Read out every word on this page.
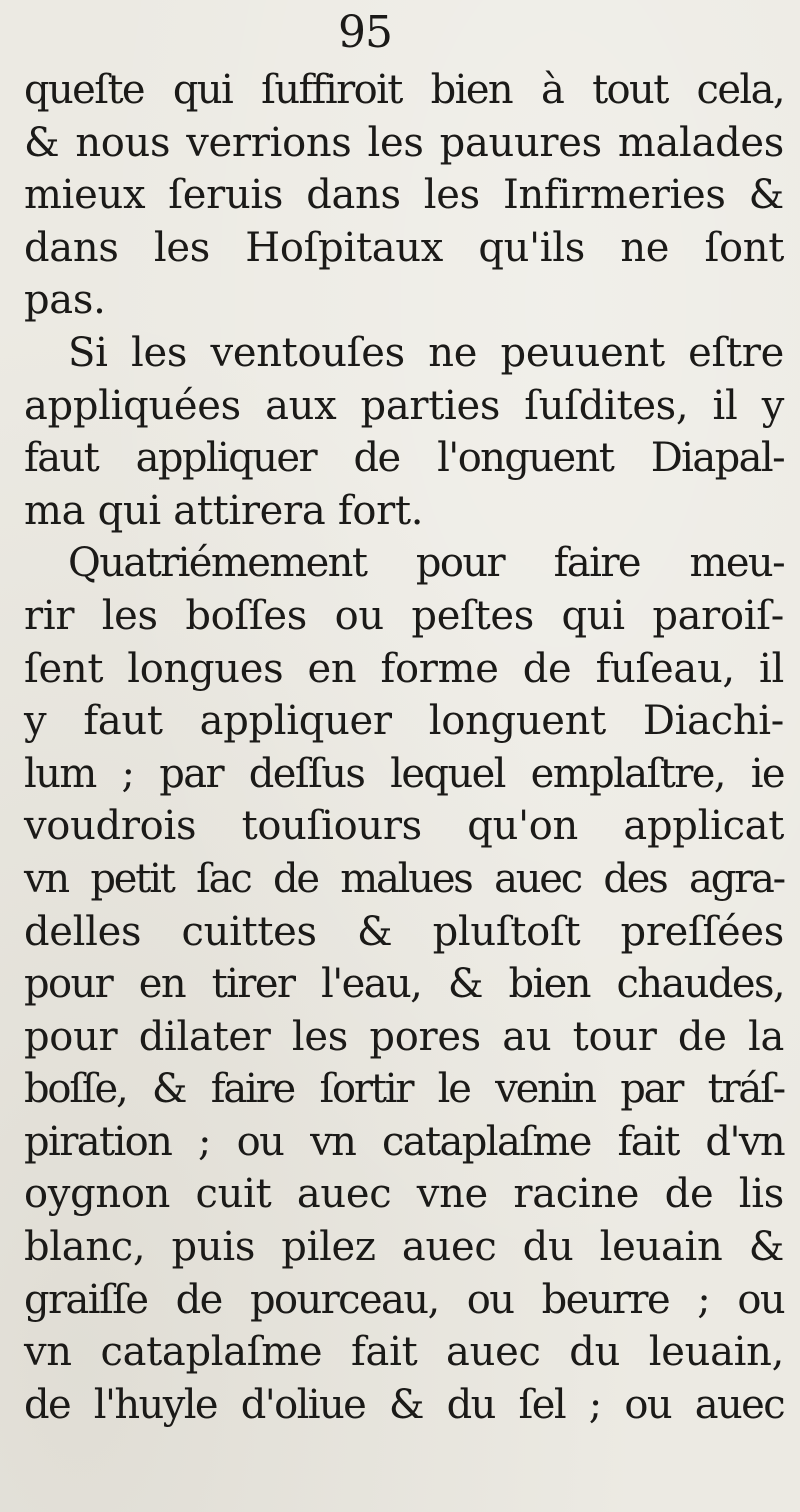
95
queſte qui ſuffiroit bien à tout cela,
& nous verrions les pauures malades
mieux ſeruis dans les Infirmeries &
dans les Hoſpitaux qu'ils ne ſont
pas.
Si les ventouſes ne peuuent eſtre
appliquées aux parties ſuſdites, il y
faut appliquer de l'onguent Diapal-
ma qui attirera fort.
Quatriémement pour faire meu-
rir les boſſes ou peſtes qui paroiſ-
ſent longues en forme de fuſeau, il
y faut appliquer longuent Diachi-
lum ; par deſſus lequel emplaſtre, ie
voudrois touſiours qu'on applicat
vn petit ſac de malues auec des agra-
delles cuittes & pluſtoſt preſſées
pour en tirer l'eau, & bien chaudes,
pour dilater les pores au tour de la
boſſe, & faire ſortir le venin par tráſ-
piration ; ou vn cataplaſme fait d'vn
oygnon cuit auec vne racine de lis
blanc, puis pilez auec du leuain &
graiſſe de pourceau, ou beurre ; ou
vn cataplaſme fait auec du leuain,
de l'huyle d'oliue & du ſel ; ou auec
